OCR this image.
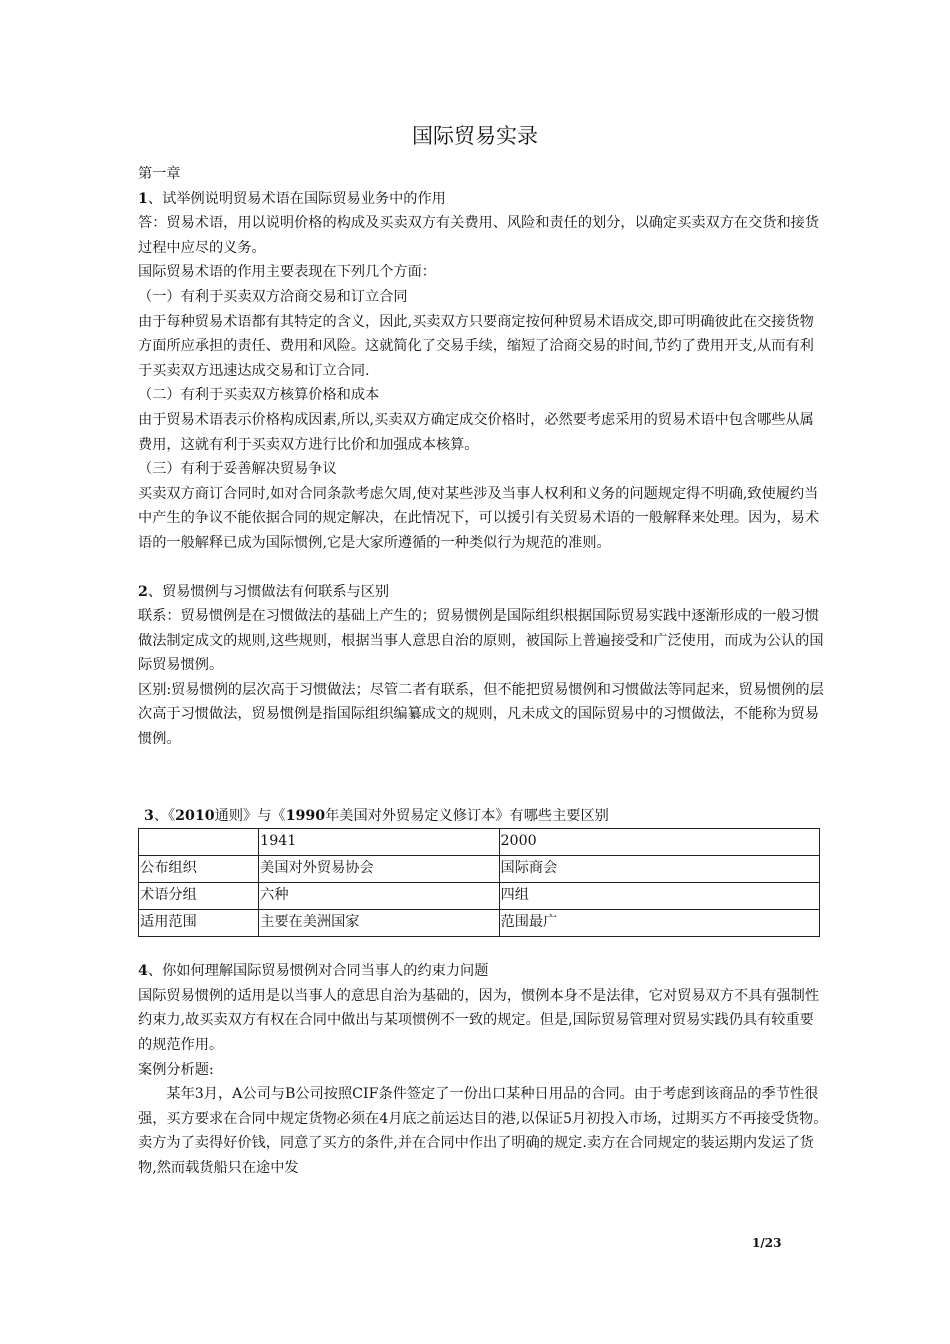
国际贸易实录

第一章

1、试举例说明贸易术语在国际贸易业务中的作用

答：贸易术语，用以说明价格的构成及买卖双方有关费用、风险和责任的划分，以确定买卖双方在交货和接货过程中应尽的义务。

国际贸易术语的作用主要表现在下列几个方面：

（一）有利于买卖双方洽商交易和订立合同

由于每种贸易术语都有其特定的含义，因此,买卖双方只要商定按何种贸易术语成交,即可明确彼此在交接货物方面所应承担的责任、费用和风险。这就简化了交易手续，缩短了洽商交易的时间,节约了费用开支,从而有利于买卖双方迅速达成交易和订立合同.

（二）有利于买卖双方核算价格和成本

由于贸易术语表示价格构成因素,所以,买卖双方确定成交价格时，必然要考虑采用的贸易术语中包含哪些从属费用，这就有利于买卖双方进行比价和加强成本核算。

（三）有利于妥善解决贸易争议

买卖双方商订合同时,如对合同条款考虑欠周,使对某些涉及当事人权利和义务的问题规定得不明确,致使履约当中产生的争议不能依据合同的规定解决，在此情况下，可以援引有关贸易术语的一般解释来处理。因为，易术语的一般解释已成为国际惯例,它是大家所遵循的一种类似行为规范的准则。

2、贸易惯例与习惯做法有何联系与区别

联系：贸易惯例是在习惯做法的基础上产生的；贸易惯例是国际组织根据国际贸易实践中逐渐形成的一般习惯做法制定成文的规则,这些规则，根据当事人意思自治的原则，被国际上普遍接受和广泛使用，而成为公认的国际贸易惯例。

区别:贸易惯例的层次高于习惯做法；尽管二者有联系，但不能把贸易惯例和习惯做法等同起来，贸易惯例的层次高于习惯做法，贸易惯例是指国际组织编纂成文的规则，凡未成文的国际贸易中的习惯做法，不能称为贸易惯例。

3、《2010通则》与《1990年美国对外贸易定义修订本》有哪些主要区别

	1941	2000
公布组织	美国对外贸易协会	国际商会
术语分组	六种	四组
适用范围	主要在美洲国家	范围最广

4、你如何理解国际贸易惯例对合同当事人的约束力问题

国际贸易惯例的适用是以当事人的意思自治为基础的，因为，惯例本身不是法律，它对贸易双方不具有强制性约束力,故买卖双方有权在合同中做出与某项惯例不一致的规定。但是,国际贸易管理对贸易实践仍具有较重要的规范作用。

案例分析题:

某年3月，A公司与B公司按照CIF条件签定了一份出口某种日用品的合同。由于考虑到该商品的季节性很强，买方要求在合同中规定货物必须在4月底之前运达目的港,以保证5月初投入市场，过期买方不再接受货物。卖方为了卖得好价钱，同意了买方的条件,并在合同中作出了明确的规定.卖方在合同规定的装运期内发运了货物,然而载货船只在途中发

1/23
